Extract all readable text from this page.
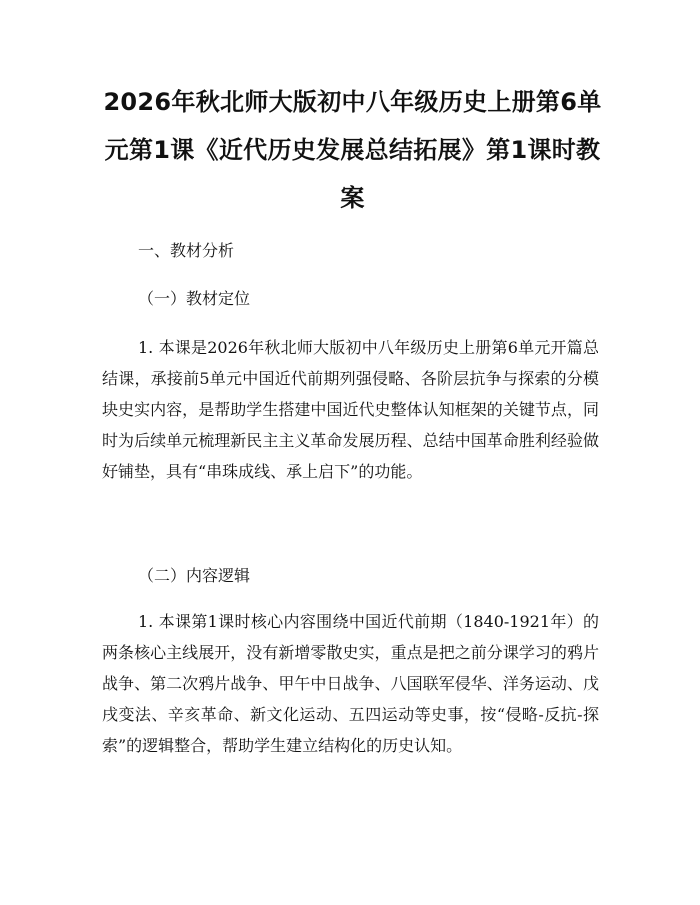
2026年秋北师大版初中八年级历史上册第6单元第1课《近代历史发展总结拓展》第1课时教案
一、教材分析
（一）教材定位

1. 本课是2026年秋北师大版初中八年级历史上册第6单元开篇总结课，承接前5单元中国近代前期列强侵略、各阶层抗争与探索的分模块史实内容，是帮助学生搭建中国近代史整体认知框架的关键节点，同时为后续单元梳理新民主主义革命发展历程、总结中国革命胜利经验做好铺垫，具有“串珠成线、承上启下”的功能。

（二）内容逻辑

1. 本课第1课时核心内容围绕中国近代前期（1840-1921年）的两条核心主线展开，没有新增零散史实，重点是把之前分课学习的鸦片战争、第二次鸦片战争、甲午中日战争、八国联军侵华、洋务运动、戊戌变法、辛亥革命、新文化运动、五四运动等史事，按“侵略-反抗-探索”的逻辑整合，帮助学生建立结构化的历史认知。
